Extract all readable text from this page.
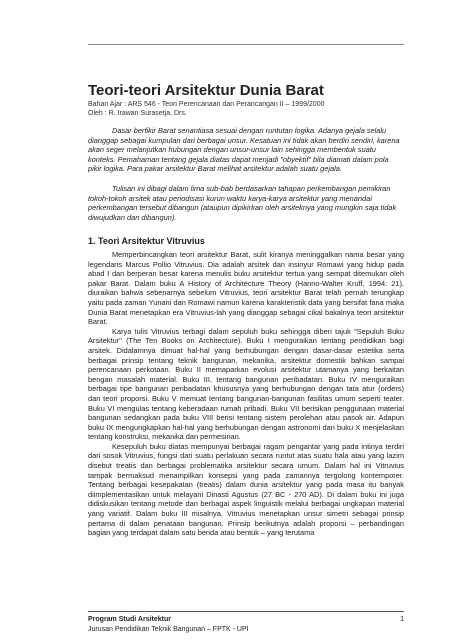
Teori-teori Arsitektur Dunia Barat
Bahan Ajar : ARS 546 - Teori Perencanaan dan Perancangan II – 1999/2000
Oleh : R. Irawan Surasetja, Drs.

Dasar berfikir Barat senantiasa sesuai dengan runtutan logika. Adanya gejala selalu dianggap sebagai kumpulan dari berbagai unsur. Kesatuan ini tidak akan berdiri sendiri, karena akan seger melanjutkan hubungan dengan unsur-unsur lain sehingga membentuk suatu konteks. Pemahaman tentang gejala diatas dapat menjadi "obyektif" bila diamati dalam pola pikir logika. Para pakar arsitektur Barat melihat arsitektur adalah suatu gejala.

Tulisan ini dibagi dalam lima sub-bab berdasarkan tahapan perkembangan pemikiran tokoh-tokoh arsitek atau periodisasi kurun waktu karya-karya arsitektur yang menandai perkembangan tersebut dibangun (ataupun dipikirkan oleh arsiteknya yang mungkin saja tidak diwujudkan dan dibangun).

1. Teori Arsitektur Vitruvius

Memperbincangkan teori arsitektur Barat, sulit kiranya meninggalkan nama besar yang legendaris Marcus Pollio Vitruvius. Dia adalah arsitek dan insinyur Romawi yang hidup pada abad I dan berperan besar karena menulis buku arsitektur tertua yang sempat ditemukan oleh pakar Barat. Dalam buku A History of Architecture Theory (Hanno-Walter Kruff, 1994: 21), diuraikan bahwa sebenarnya sebelum Vitruvius, teori arsitektur Barat telah pernah terungkap yaitu pada zaman Yunani dan Romawi namun karena karakteristik data yang bersifat fana maka Dunia Barat menetapkan era Vitruvius-lah yang dianggap sebagai cikal bakalnya teori arsitektur Barat.

Karya tulis Vitruvius terbagi dalam sepuluh buku sehingga diberi tajuk "Sepuluh Buku Arsitektur" (The Ten Books on Architecture). Buku I menguraikan tentang pendidikan bagi arsitek. Didalamnya dimuat hal-hal yang berhubungan dengan dasar-dasar estetika serta berbagai prinsip tentang teknik bangunan, mekanika, arsitektur domestik bahkan sampai perencanaan perkotaan. Buku II memaparkan evolusi arsitektur utamanya yang berkaitan bengan masalah material. Buku III, tentang bangunan peribadatan. Buku IV menguraikan berbagai tipe bangunan peribadatan khususnya yang berhubungan dengan tata atur (orders) dan teori proporsi. Buku V memuat tentang bangunan-bangunan fasilitas umum seperti teater. Buku VI mengulas tentang keberadaan rumah pribadi. Buku VII berisikan penggunaan material bangunan sedangkan pada buku VIII berisi tentang sistem perolehan atau pasok air. Adapun buku IX mengungkapkan hal-hal yang berhubungan dengan astronomi dan buku X menjelaskan tentang konstruksi, mekanika dan permesinan.

Kesepuluh buku diatas mempunyai berbagai ragam pengantar yang pada intinya terdiri dari sosok Vitruvius, fungsi dari suatu perlakuan secara runtut atas suatu hala atau yang lazim disebut treatis dan berbagai problematika arsitektur secara umum. Dalam hal ini Vitruvius tampak bermaksud menampilkan konsepsi yang pada zamannya tergolong kontemporer. Tentang berbagai kesepakatan (treatis) dalam dunia arsitektur yang pada masa itu banyak diimplementasikan untuk melayani Dinasti Agustus (27 BC - 270 AD). Di dalam buku ini juga didiskusikan tentang metode dan berbagai aspek linguistik melalui berbagai ungkapan material yang variatif. Dalam buku III misalnya, Vitruvius menetapkan unsur simetri sebagai prinsip pertama di dalam penataan bangunan. Prinsip berikutnya adalah proporsi – perbandingan bagian yang terdapat dalam satu benda atau bentuk – yang terutama

Program Studi Arsitektur	1
Jurusan Pendidikan Teknik Bangunan – FPTK - UPI
